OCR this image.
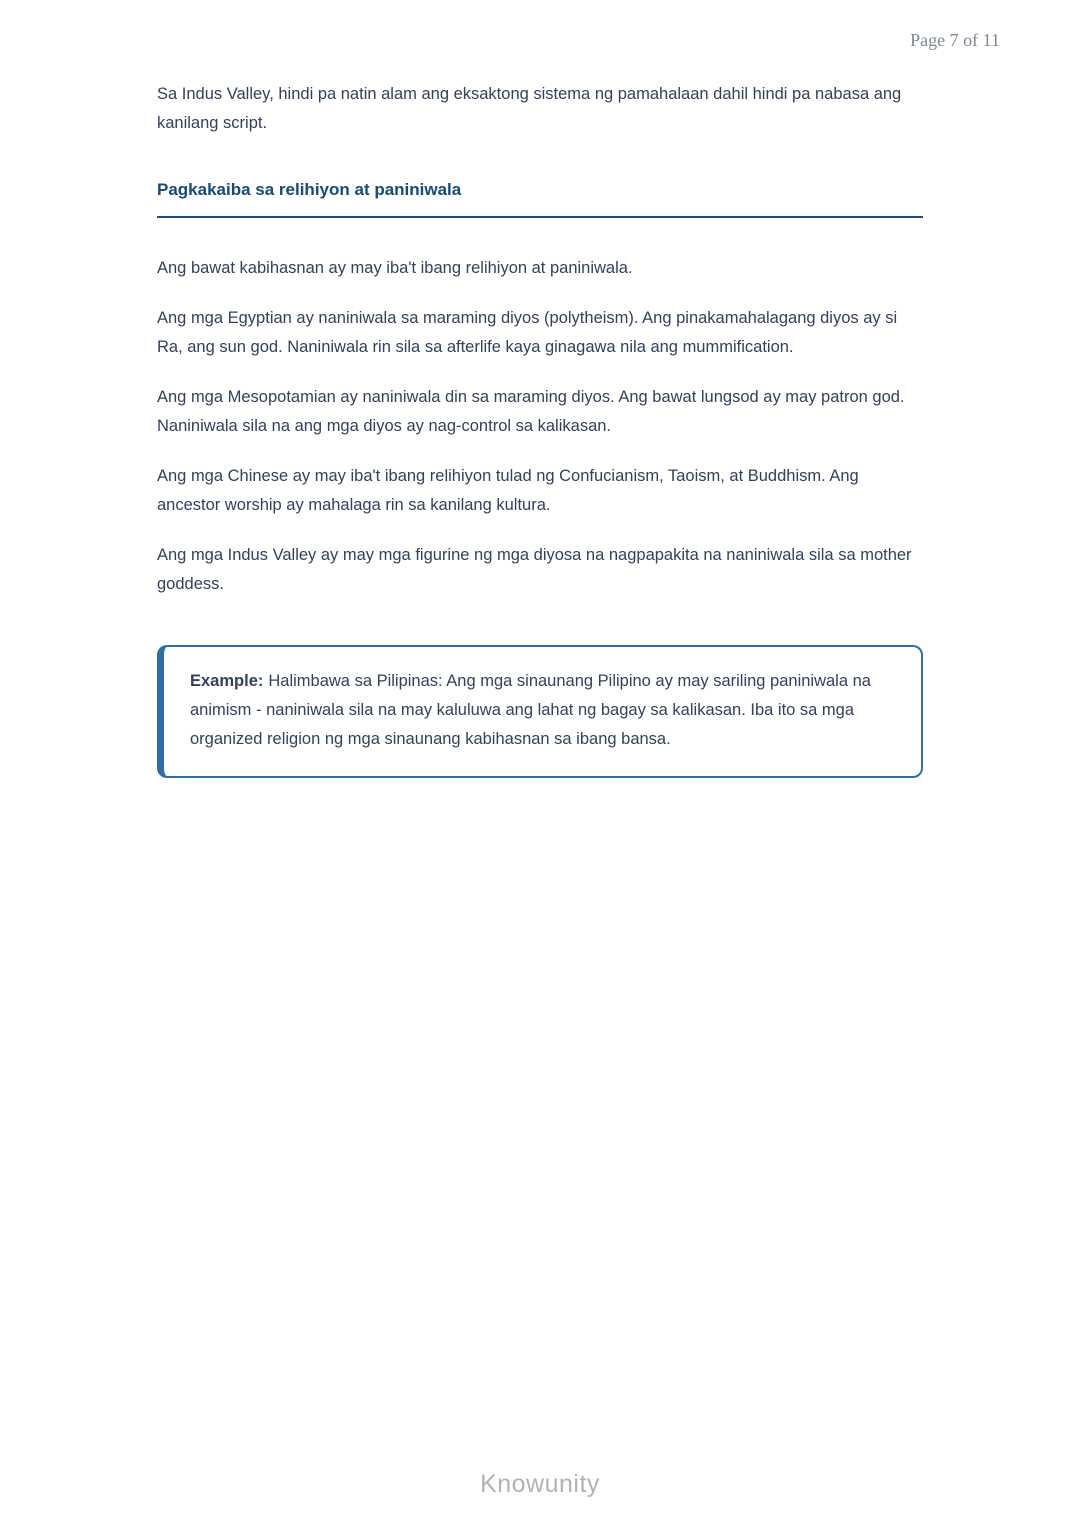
Page 7 of 11

Sa Indus Valley, hindi pa natin alam ang eksaktong sistema ng pamahalaan dahil hindi pa nabasa ang kanilang script.

Pagkakaiba sa relihiyon at paniniwala

Ang bawat kabihasnan ay may iba't ibang relihiyon at paniniwala.

Ang mga Egyptian ay naniniwala sa maraming diyos (polytheism). Ang pinakamahalagang diyos ay si Ra, ang sun god. Naniniwala rin sila sa afterlife kaya ginagawa nila ang mummification.

Ang mga Mesopotamian ay naniniwala din sa maraming diyos. Ang bawat lungsod ay may patron god. Naniniwala sila na ang mga diyos ay nag-control sa kalikasan.

Ang mga Chinese ay may iba't ibang relihiyon tulad ng Confucianism, Taoism, at Buddhism. Ang ancestor worship ay mahalaga rin sa kanilang kultura.

Ang mga Indus Valley ay may mga figurine ng mga diyosa na nagpapakita na naniniwala sila sa mother goddess.

Example: Halimbawa sa Pilipinas: Ang mga sinaunang Pilipino ay may sariling paniniwala na animism - naniniwala sila na may kaluluwa ang lahat ng bagay sa kalikasan. Iba ito sa mga organized religion ng mga sinaunang kabihasnan sa ibang bansa.

Knowunity
